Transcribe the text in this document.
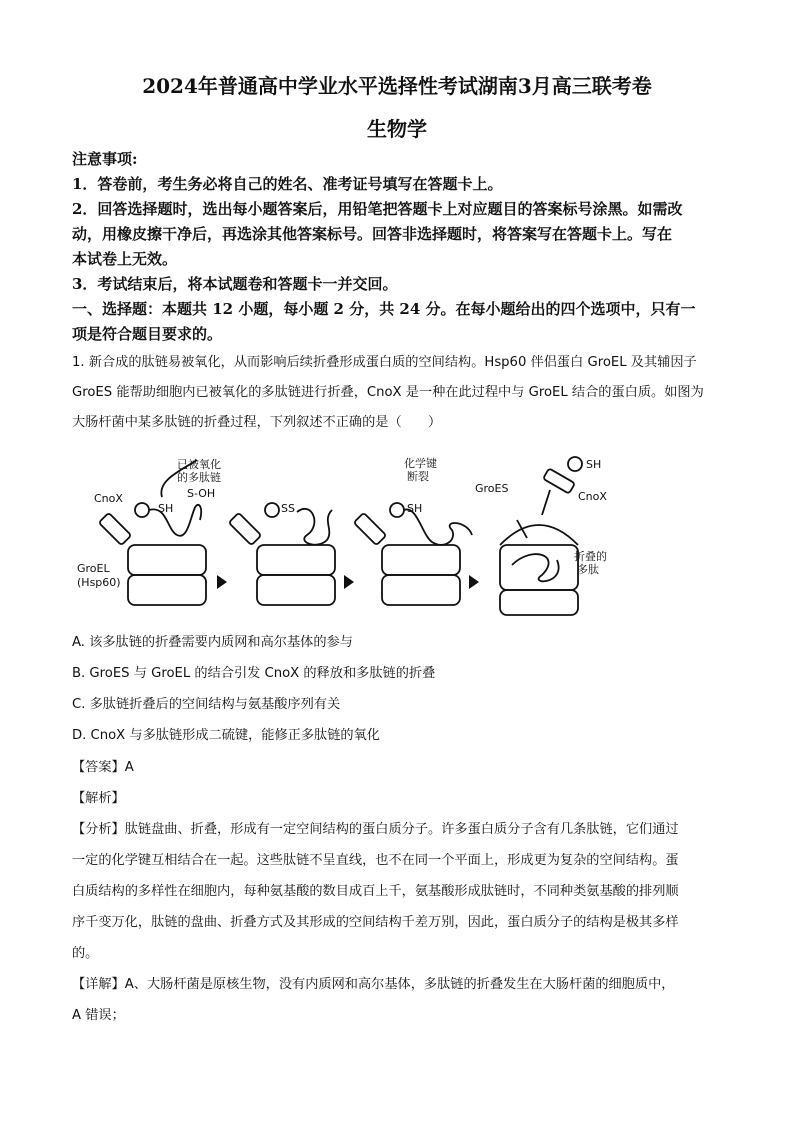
2024年普通高中学业水平选择性考试湖南3月高三联考卷
生物学
注意事项:
1．答卷前，考生务必将自己的姓名、准考证号填写在答题卡上。
2．回答选择题时，选出每小题答案后，用铅笔把答题卡上对应题目的答案标号涂黑。如需改
动，用橡皮擦干净后，再选涂其他答案标号。回答非选择题时，将答案写在答题卡上。写在
本试卷上无效。
3．考试结束后，将本试题卷和答题卡一并交回。
一、选择题：本题共 12 小题，每小题 2 分，共 24 分。在每小题给出的四个选项中，只有一
项是符合题目要求的。
1. 新合成的肽链易被氧化，从而影响后续折叠形成蛋白质的空间结构。Hsp60 伴侣蛋白 GroEL 及其辅因子
GroES 能帮助细胞内已被氧化的多肽链进行折叠，CnoX 是一种在此过程中与 GroEL 结合的蛋白质。如图为
大肠杆菌中某多肽链的折叠过程，下列叙述不正确的是（　　）
已被氧化
的多肽链
S-OH
CnoX
SH	SS
GroEL
(Hsp60)
化学键
断裂
SH
GroES
SH
CnoX
折叠的
多肽
A. 该多肽链的折叠需要内质网和高尔基体的参与
B. GroES 与 GroEL 的结合引发 CnoX 的释放和多肽链的折叠
C. 多肽链折叠后的空间结构与氨基酸序列有关
D. CnoX 与多肽链形成二硫键，能修正多肽链的氧化
【答案】A
【解析】
【分析】肽链盘曲、折叠，形成有一定空间结构的蛋白质分子。许多蛋白质分子含有几条肽链，它们通过
一定的化学键互相结合在一起。这些肽链不呈直线，也不在同一个平面上，形成更为复杂的空间结构。蛋
白质结构的多样性在细胞内，每种氨基酸的数目成百上千，氨基酸形成肽链时，不同种类氨基酸的排列顺
序千变万化，肽链的盘曲、折叠方式及其形成的空间结构千差万别，因此，蛋白质分子的结构是极其多样
的。
【详解】A、大肠杆菌是原核生物，没有内质网和高尔基体，多肽链的折叠发生在大肠杆菌的细胞质中，
A 错误；
